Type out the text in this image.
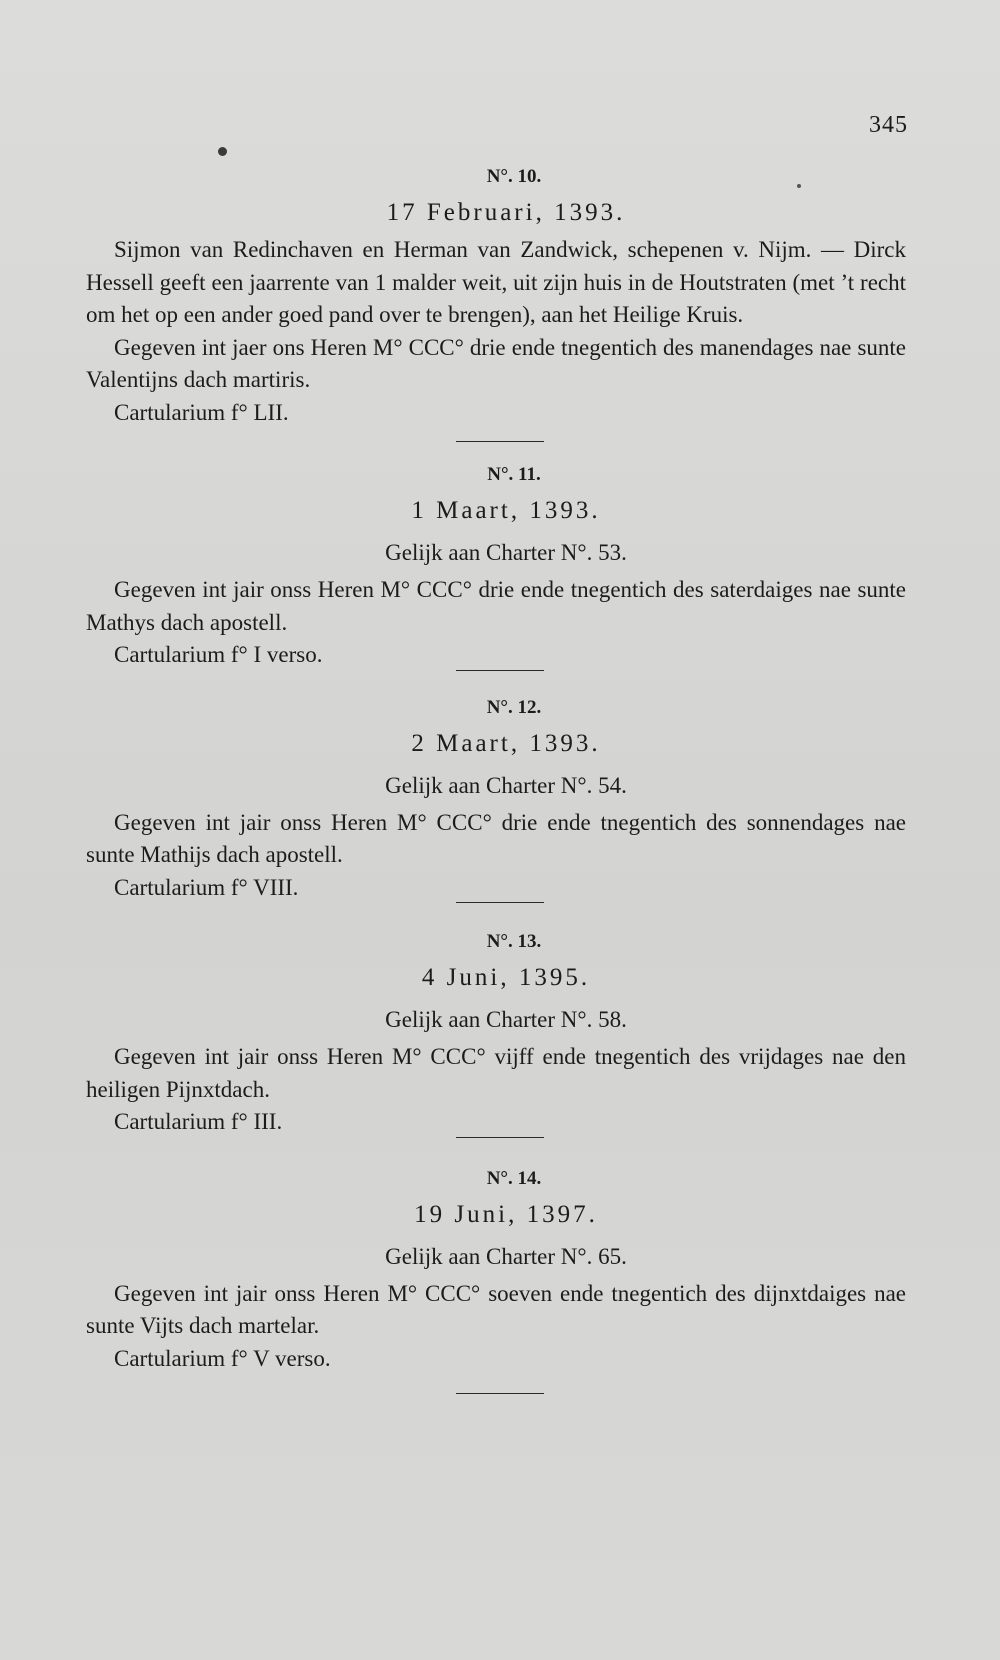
345
N°. 10.
17 Februari, 1393.

Sijmon van Redinchaven en Herman van Zandwick, schepenen v. Nijm. — Dirck Hessell geeft een jaarrente van 1 malder weit, uit zijn huis in de Houtstraten (met ’t recht om het op een ander goed pand over te brengen), aan het Heilige Kruis.

Gegeven int jaer ons Heren M° CCC° drie ende tnegentich des manendages nae sunte Valentijns dach martiris.

Cartularium f° LII.

N°. 11.
1 Maart, 1393.
Gelijk aan Charter N°. 53.

Gegeven int jair onss Heren M° CCC° drie ende tnegentich des saterdaiges nae sunte Mathys dach apostell.

Cartularium f° I verso.

N°. 12.
2 Maart, 1393.
Gelijk aan Charter N°. 54.

Gegeven int jair onss Heren M° CCC° drie ende tnegentich des sonnendages nae sunte Mathijs dach apostell.

Cartularium f° VIII.

N°. 13.
4 Juni, 1395.
Gelijk aan Charter N°. 58.

Gegeven int jair onss Heren M° CCC° vijff ende tnegentich des vrijdages nae den heiligen Pijnxtdach.

Cartularium f° III.

N°. 14.
19 Juni, 1397.
Gelijk aan Charter N°. 65.

Gegeven int jair onss Heren M° CCC° soeven ende tnegentich des dijnxtdaiges nae sunte Vijts dach martelar.

Cartularium f° V verso.
